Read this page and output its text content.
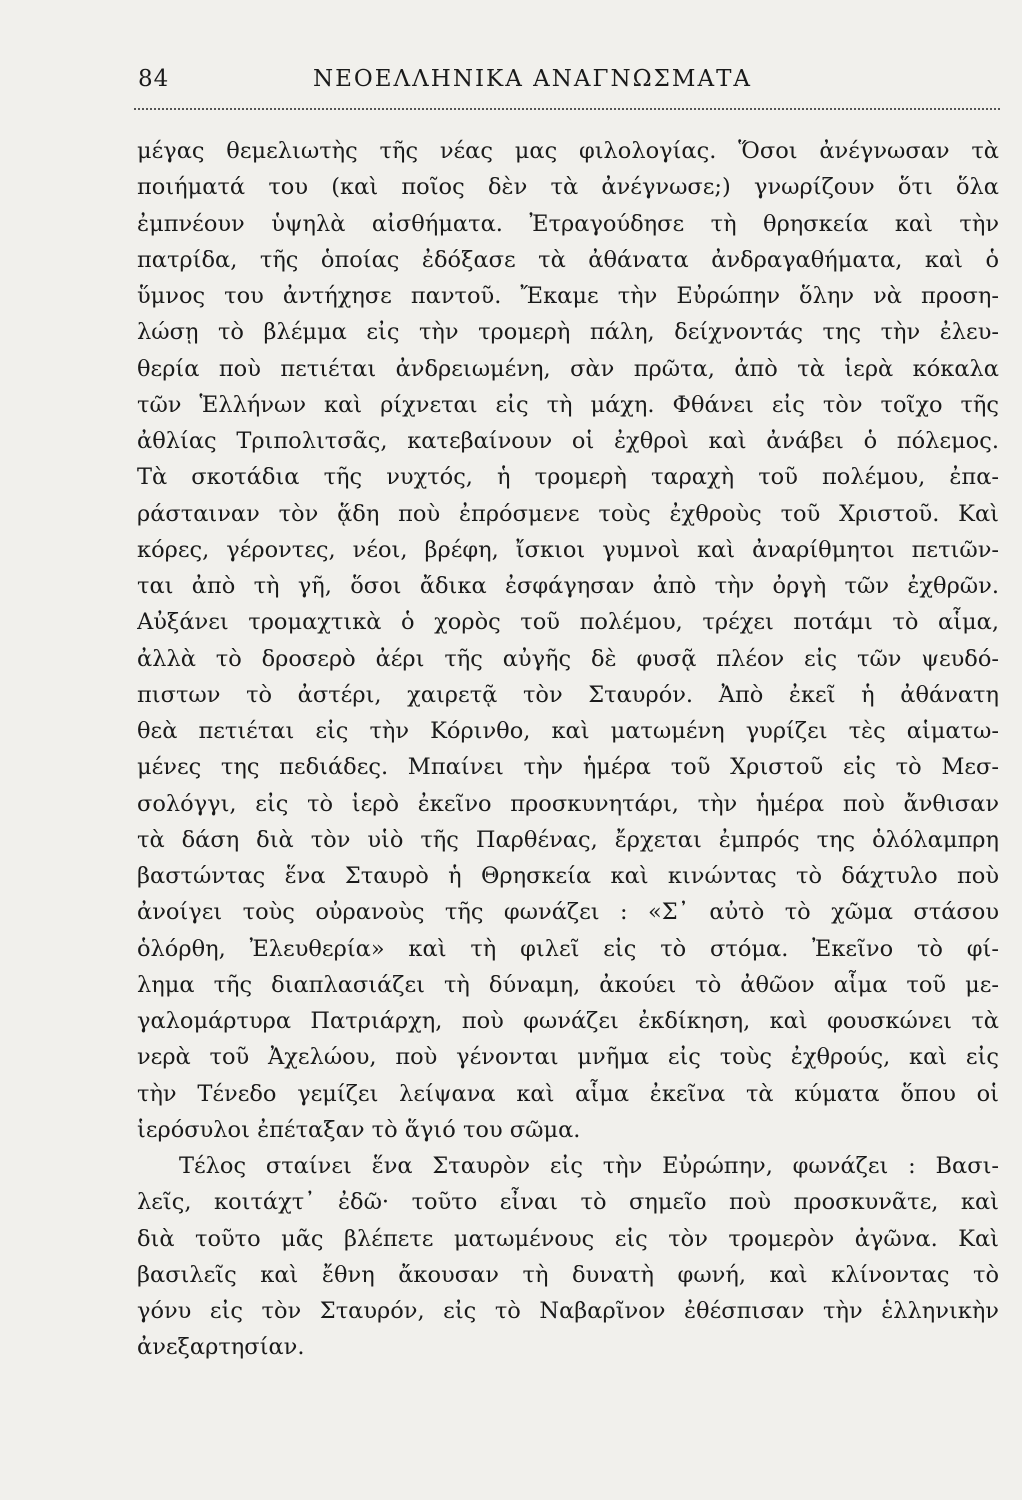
84	ΝΕΟΕΛΛΗΝΙΚΑ ΑΝΑΓΝΩΣΜΑΤΑ
μέγας θεμελιωτὴς τῆς νέας μας φιλολογίας. Ὅσοι ἀνέγνωσαν τὰ
ποιήματά του (καὶ ποῖος δὲν τὰ ἀνέγνωσε;) γνωρίζουν ὅτι ὅλα
ἐμπνέουν ὑψηλὰ αἰσθήματα. Ἐτραγούδησε τὴ θρησκεία καὶ τὴν
πατρίδα, τῆς ὁποίας ἐδόξασε τὰ ἀθάνατα ἀνδραγαθήματα, καὶ ὁ
ὕμνος του ἀντήχησε παντοῦ. Ἔκαμε τὴν Εὐρώπην ὅλην νὰ προση-
λώσῃ τὸ βλέμμα εἰς τὴν τρομερὴ πάλη, δείχνοντάς της τὴν ἐλευ-
θερία ποὺ πετιέται ἀνδρειωμένη, σὰν πρῶτα, ἀπὸ τὰ ἱερὰ κόκαλα
τῶν Ἑλλήνων καὶ ρίχνεται εἰς τὴ μάχη. Φθάνει εἰς τὸν τοῖχο τῆς
ἀθλίας Τριπολιτσᾶς, κατεβαίνουν οἱ ἐχθροὶ καὶ ἀνάβει ὁ πόλεμος.
Τὰ σκοτάδια τῆς νυχτός, ἡ τρομερὴ ταραχὴ τοῦ πολέμου, ἐπα-
ράσταιναν τὸν ᾅδη ποὺ ἐπρόσμενε τοὺς ἐχθροὺς τοῦ Χριστοῦ. Καὶ
κόρες, γέροντες, νέοι, βρέφη, ἴσκιοι γυμνοὶ καὶ ἀναρίθμητοι πετιῶν-
ται ἀπὸ τὴ γῆ, ὅσοι ἄδικα ἐσφάγησαν ἀπὸ τὴν ὀργὴ τῶν ἐχθρῶν.
Αὐξάνει τρομαχτικὰ ὁ χορὸς τοῦ πολέμου, τρέχει ποτάμι τὸ αἷμα,
ἀλλὰ τὸ δροσερὸ ἀέρι τῆς αὐγῆς δὲ φυσᾷ πλέον εἰς τῶν ψευδό-
πιστων τὸ ἀστέρι, χαιρετᾷ τὸν Σταυρόν. Ἀπὸ ἐκεῖ ἡ ἀθάνατη
θεὰ πετιέται εἰς τὴν Κόρινθο, καὶ ματωμένη γυρίζει τὲς αἱματω-
μένες της πεδιάδες. Μπαίνει τὴν ἡμέρα τοῦ Χριστοῦ εἰς τὸ Μεσ-
σολόγγι, εἰς τὸ ἱερὸ ἐκεῖνο προσκυνητάρι, τὴν ἡμέρα ποὺ ἄνθισαν
τὰ δάση διὰ τὸν υἱὸ τῆς Παρθένας, ἔρχεται ἐμπρός της ὁλόλαμπρη
βαστώντας ἕνα Σταυρὸ ἡ Θρησκεία καὶ κινώντας τὸ δάχτυλο ποὺ
ἀνοίγει τοὺς οὐρανοὺς τῆς φωνάζει : «Σ᾽ αὐτὸ τὸ χῶμα στάσου
ὁλόρθη, Ἐλευθερία» καὶ τὴ φιλεῖ εἰς τὸ στόμα. Ἐκεῖνο τὸ φί-
λημα τῆς διαπλασιάζει τὴ δύναμη, ἀκούει τὸ ἀθῶον αἷμα τοῦ με-
γαλομάρτυρα Πατριάρχη, ποὺ φωνάζει ἐκδίκηση, καὶ φουσκώνει τὰ
νερὰ τοῦ Ἀχελώου, ποὺ γένονται μνῆμα εἰς τοὺς ἐχθρούς, καὶ εἰς
τὴν Τένεδο γεμίζει λείψανα καὶ αἷμα ἐκεῖνα τὰ κύματα ὅπου οἱ
ἱερόσυλοι ἐπέταξαν τὸ ἅγιό του σῶμα.
Τέλος σταίνει ἕνα Σταυρὸν εἰς τὴν Εὐρώπην, φωνάζει : Βασι-
λεῖς, κοιτάχτ᾽ ἐδῶ· τοῦτο εἶναι τὸ σημεῖο ποὺ προσκυνᾶτε, καὶ
διὰ τοῦτο μᾶς βλέπετε ματωμένους εἰς τὸν τρομερὸν ἀγῶνα. Καὶ
βασιλεῖς καὶ ἔθνη ἄκουσαν τὴ δυνατὴ φωνή, καὶ κλίνοντας τὸ
γόνυ εἰς τὸν Σταυρόν, εἰς τὸ Ναβαρῖνον ἐθέσπισαν τὴν ἑλληνικὴν
ἀνεξαρτησίαν.
